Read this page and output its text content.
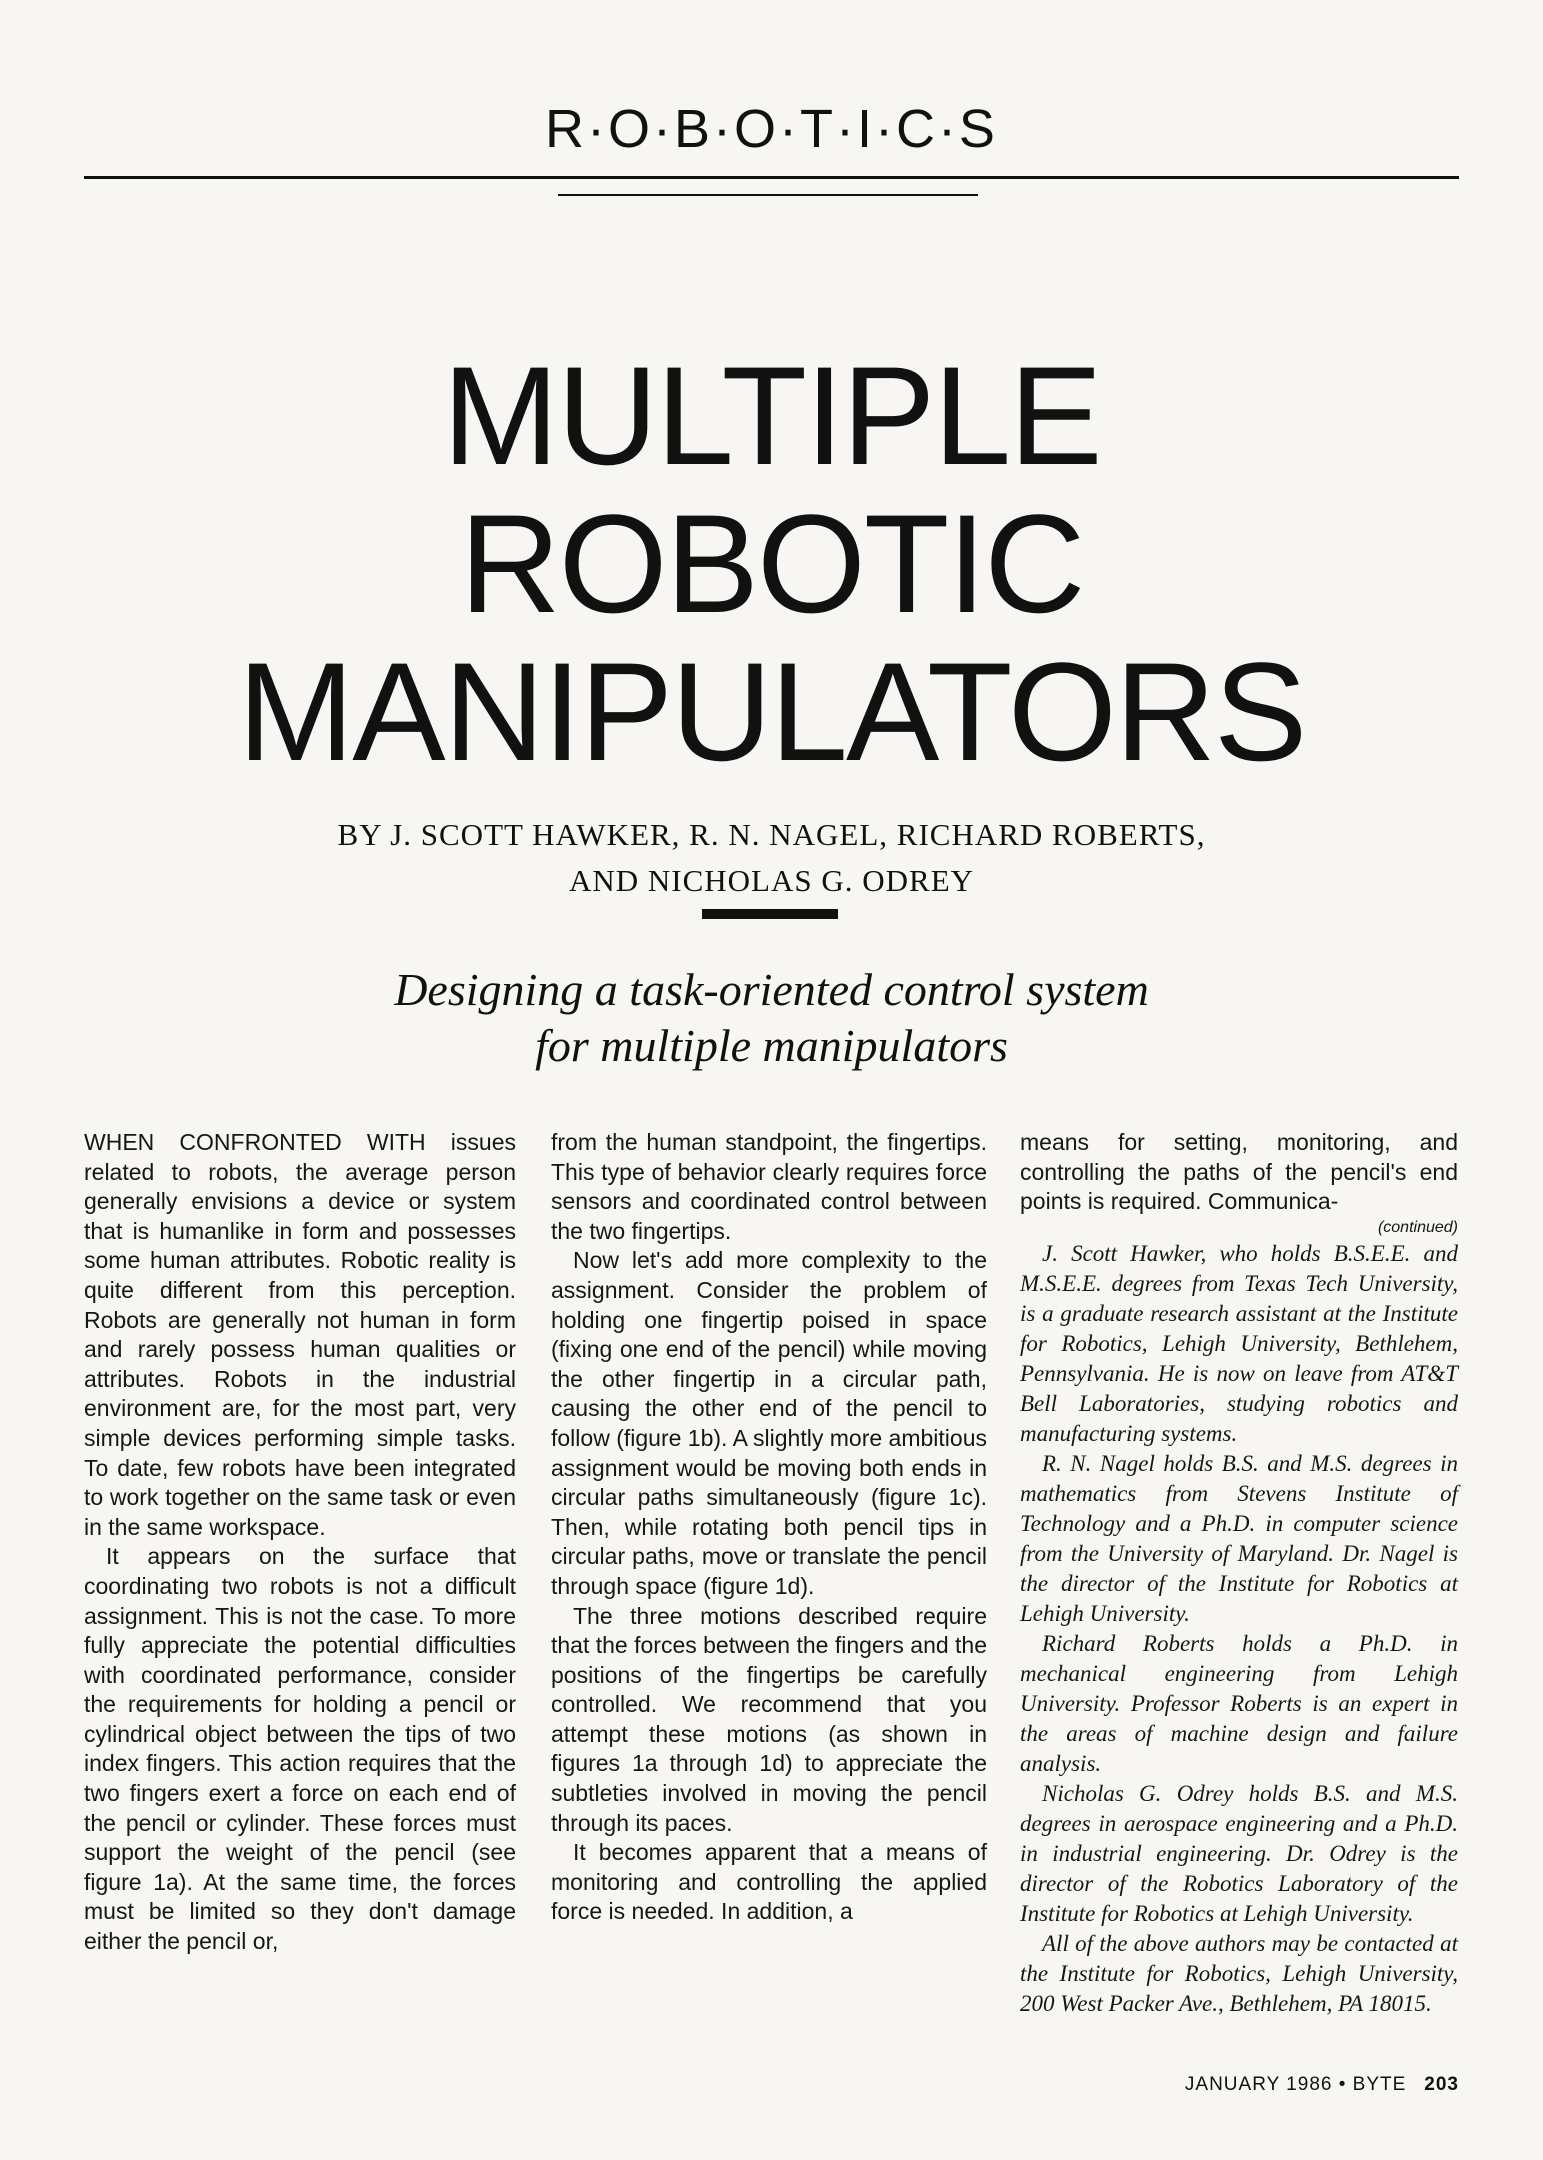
R·O·B·O·T·I·C·S
MULTIPLE
ROBOTIC
MANIPULATORS
BY J. SCOTT HAWKER, R. N. NAGEL, RICHARD ROBERTS,
AND NICHOLAS G. ODREY
Designing a task-oriented control system
for multiple manipulators

WHEN CONFRONTED WITH issues related to robots, the average person generally envisions a device or system that is humanlike in form and possesses some human attributes. Robotic reality is quite different from this perception. Robots are generally not human in form and rarely possess human qualities or attributes. Robots in the industrial environment are, for the most part, very simple devices performing simple tasks. To date, few robots have been integrated to work together on the same task or even in the same workspace.

It appears on the surface that coordinating two robots is not a difficult assignment. This is not the case. To more fully appreciate the potential difficulties with coordinated performance, consider the requirements for holding a pencil or cylindrical object between the tips of two index fingers. This action requires that the two fingers exert a force on each end of the pencil or cylinder. These forces must support the weight of the pencil (see figure 1a). At the same time, the forces must be limited so they don't damage either the pencil or,

from the human standpoint, the fingertips. This type of behavior clearly requires force sensors and coordinated control between the two fingertips.

Now let's add more complexity to the assignment. Consider the problem of holding one fingertip poised in space (fixing one end of the pencil) while moving the other fingertip in a circular path, causing the other end of the pencil to follow (figure 1b). A slightly more ambitious assignment would be moving both ends in circular paths simultaneously (figure 1c). Then, while rotating both pencil tips in circular paths, move or translate the pencil through space (figure 1d).

The three motions described require that the forces between the fingers and the positions of the fingertips be carefully controlled. We recommend that you attempt these motions (as shown in figures 1a through 1d) to appreciate the subtleties involved in moving the pencil through its paces.

It becomes apparent that a means of monitoring and controlling the applied force is needed. In addition, a

means for setting, monitoring, and controlling the paths of the pencil's end points is required. Communica-

(continued)

J. Scott Hawker, who holds B.S.E.E. and M.S.E.E. degrees from Texas Tech University, is a graduate research assistant at the Institute for Robotics, Lehigh University, Bethlehem, Pennsylvania. He is now on leave from AT&T Bell Laboratories, studying robotics and manufacturing systems.

R. N. Nagel holds B.S. and M.S. degrees in mathematics from Stevens Institute of Technology and a Ph.D. in computer science from the University of Maryland. Dr. Nagel is the director of the Institute for Robotics at Lehigh University.

Richard Roberts holds a Ph.D. in mechanical engineering from Lehigh University. Professor Roberts is an expert in the areas of machine design and failure analysis.

Nicholas G. Odrey holds B.S. and M.S. degrees in aerospace engineering and a Ph.D. in industrial engineering. Dr. Odrey is the director of the Robotics Laboratory of the Institute for Robotics at Lehigh University.

All of the above authors may be contacted at the Institute for Robotics, Lehigh University, 200 West Packer Ave., Bethlehem, PA 18015.

JANUARY 1986 • BYTE 203
